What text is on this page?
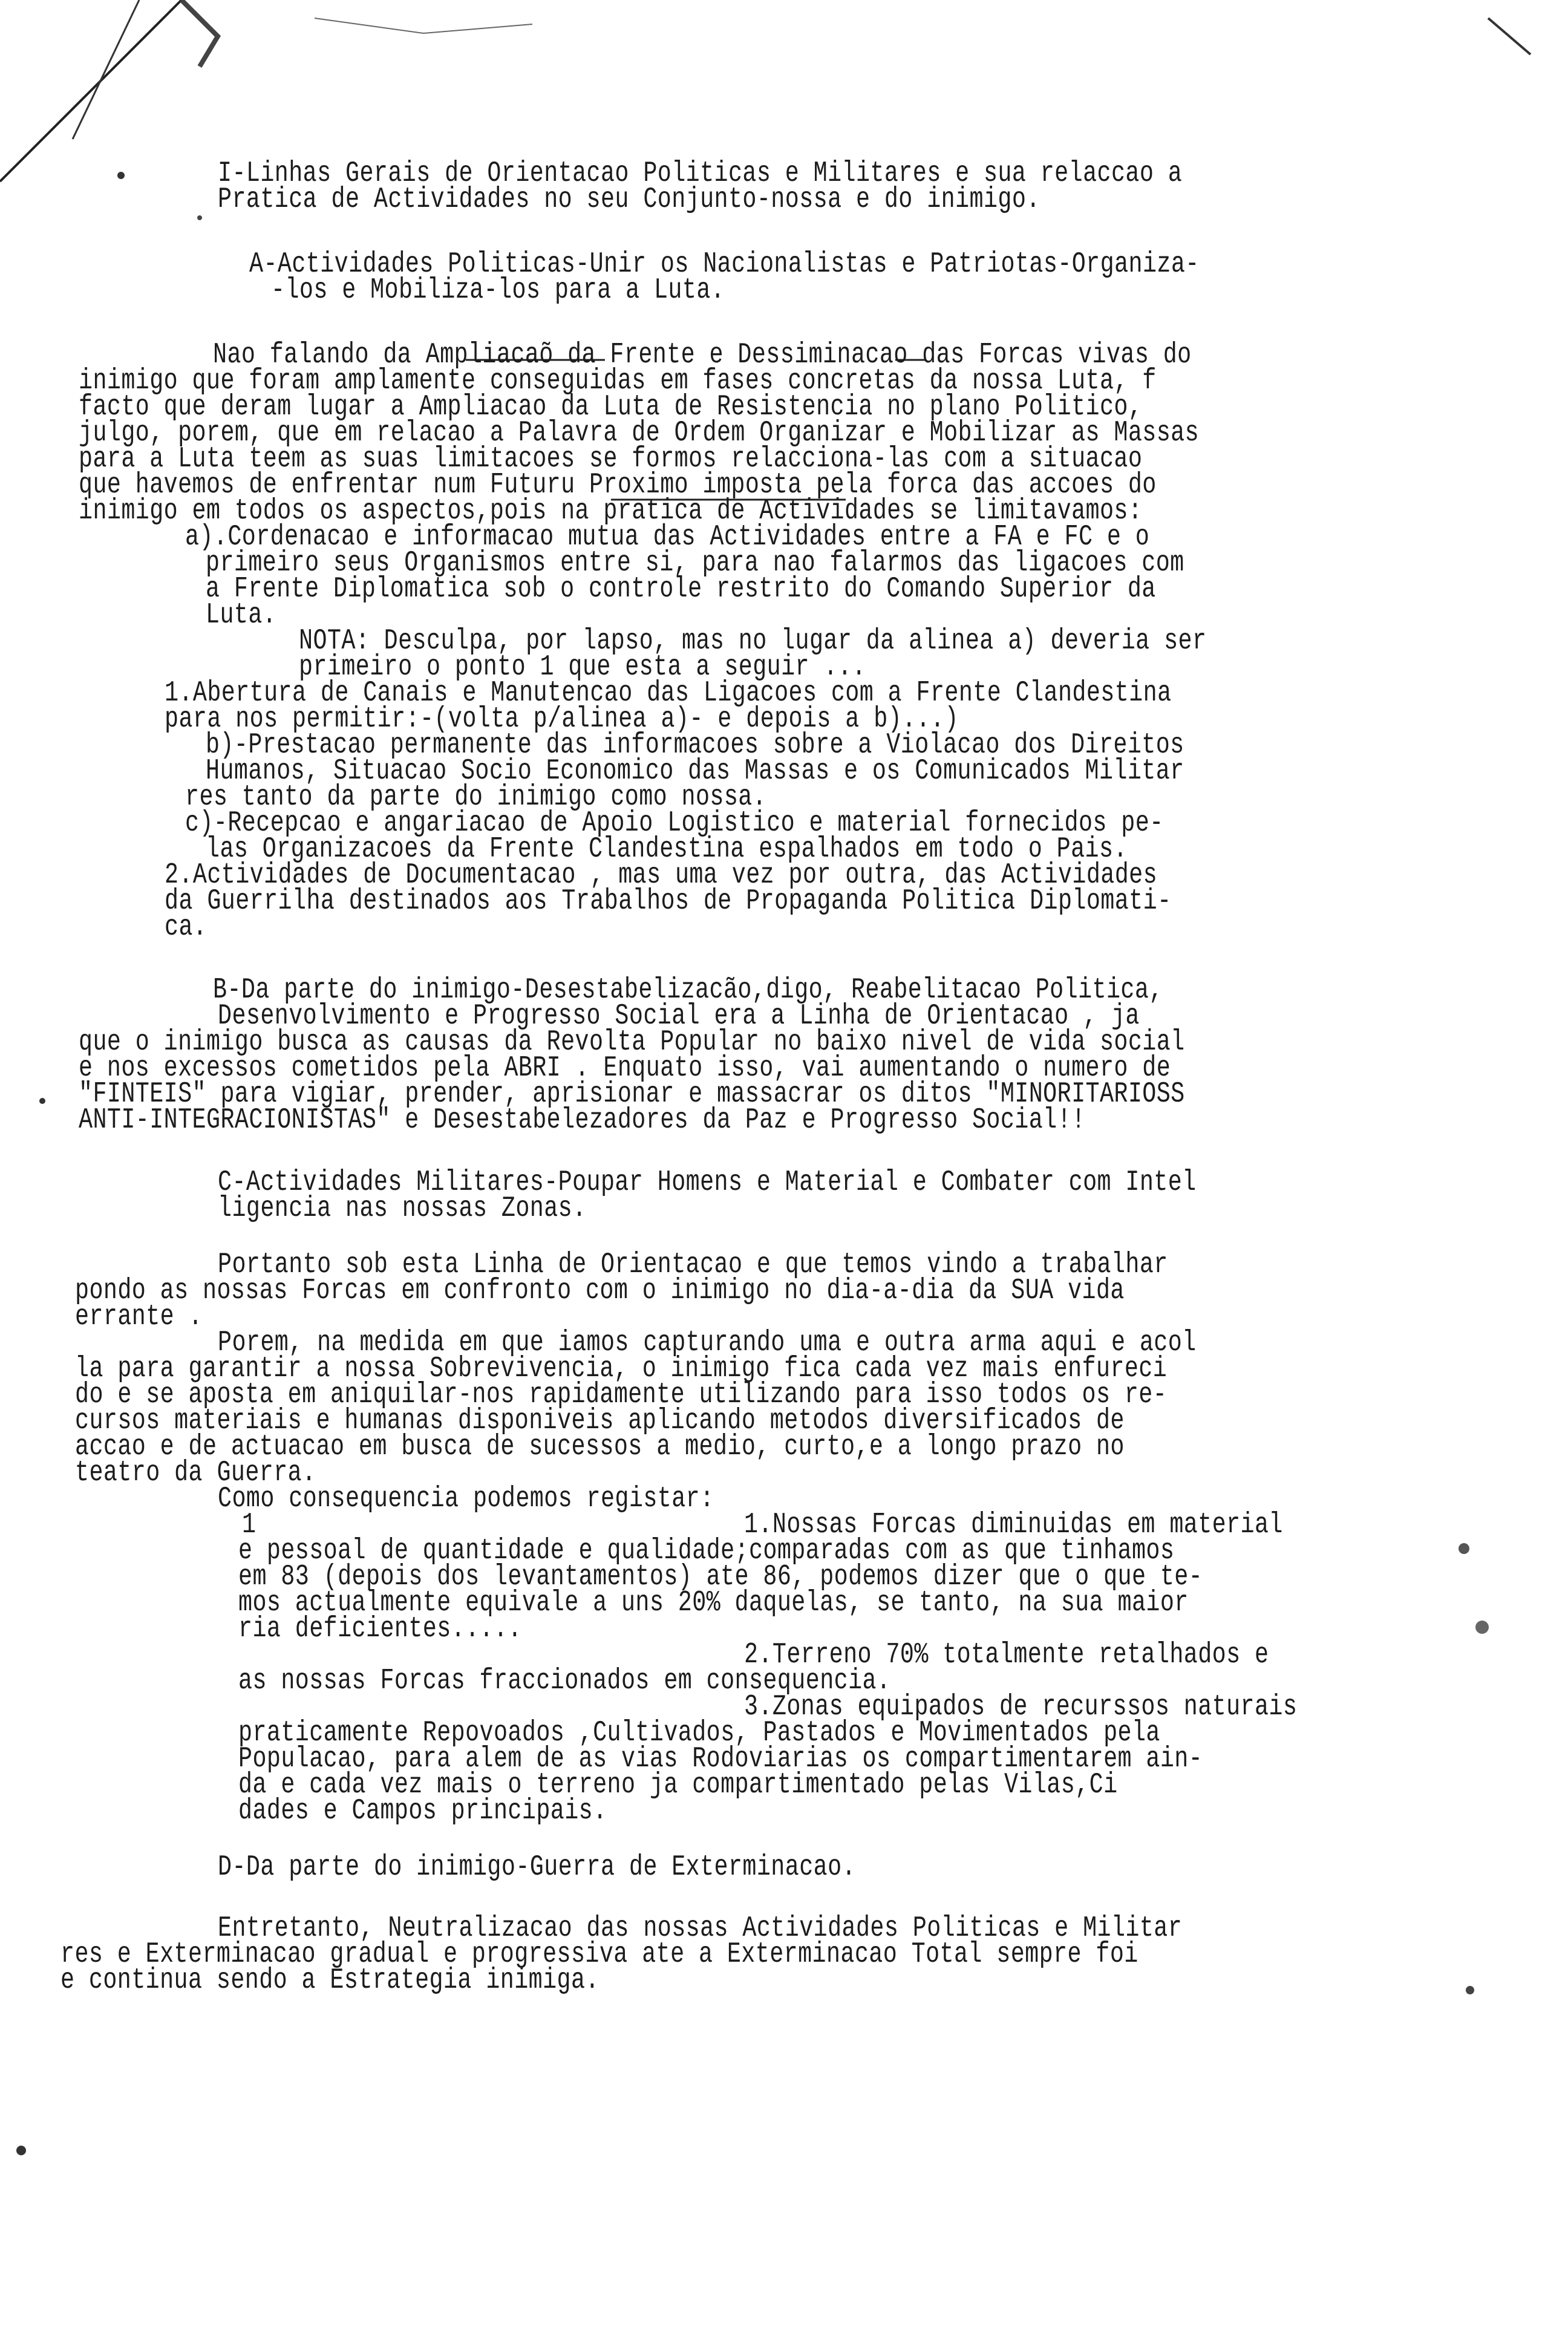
I-Linhas Gerais de Orientacao Politicas e Militares e sua relaccao a
Pratica de Actividades no seu Conjunto-nossa e do inimigo.
A-Actividades Politicas-Unir os Nacionalistas e Patriotas-Organiza-
-los e Mobiliza-los para a Luta.
Nao falando da Ampliacaõ da Frente e Dessiminacao das Forcas vivas do
inimigo que foram amplamente conseguidas em fases concretas da nossa Luta, f
facto que deram lugar a Ampliacao da Luta de Resistencia no plano Politico,
julgo, porem, que em relacao a Palavra de Ordem Organizar e Mobilizar as Massas
para a Luta teem as suas limitacoes se formos relacciona-las com a situacao
que havemos de enfrentar num Futuru Proximo imposta pela forca das accoes do
inimigo em todos os aspectos,pois na pratica de Actividades se limitavamos:
a).Cordenacao e informacao mutua das Actividades entre a FA e FC e o
primeiro seus Organismos entre si, para nao falarmos das ligacoes com
a Frente Diplomatica sob o controle restrito do Comando Superior da
Luta.
NOTA: Desculpa, por lapso, mas no lugar da alinea a) deveria ser
primeiro o ponto 1 que esta a seguir ...
1.Abertura de Canais e Manutencao das Ligacoes com a Frente Clandestina
para nos permitir:-(volta p/alinea a)- e depois a b)...)
b)-Prestacao permanente das informacoes sobre a Violacao dos Direitos
Humanos, Situacao Socio Economico das Massas e os Comunicados Militar
res tanto da parte do inimigo como nossa.
c)-Recepcao e angariacao de Apoio Logistico e material fornecidos pe-
las Organizacoes da Frente Clandestina espalhados em todo o Pais.
2.Actividades de Documentacao , mas uma vez por outra, das Actividades
da Guerrilha destinados aos Trabalhos de Propaganda Politica Diplomati-
ca.
B-Da parte do inimigo-Desestabelizacão,digo, Reabelitacao Politica,
Desenvolvimento e Progresso Social era a Linha de Orientacao , ja
que o inimigo busca as causas da Revolta Popular no baixo nivel de vida social
e nos excessos cometidos pela ABRI . Enquato isso, vai aumentando o numero de
"FINTEIS" para vigiar, prender, aprisionar e massacrar os ditos "MINORITARIOSS
ANTI-INTEGRACIONISTAS" e Desestabelezadores da Paz e Progresso Social!!
C-Actividades Militares-Poupar Homens e Material e Combater com Intel
ligencia nas nossas Zonas.
Portanto sob esta Linha de Orientacao e que temos vindo a trabalhar
pondo as nossas Forcas em confronto com o inimigo no dia-a-dia da SUA vida
errante .
Porem, na medida em que iamos capturando uma e outra arma aqui e acol
la para garantir a nossa Sobrevivencia, o inimigo fica cada vez mais enfureci
do e se aposta em aniquilar-nos rapidamente utilizando para isso todos os re-
cursos materiais e humanas disponiveis aplicando metodos diversificados de
accao e de actuacao em busca de sucessos a medio, curto,e a longo prazo no
teatro da Guerra.
Como consequencia podemos registar:
1	1.Nossas Forcas diminuidas em material
e pessoal de quantidade e qualidade;comparadas com as que tinhamos
em 83 (depois dos levantamentos) ate 86, podemos dizer que o que te-
mos actualmente equivale a uns 20% daquelas, se tanto, na sua maior
ria deficientes.....
2.Terreno 70% totalmente retalhados e
as nossas Forcas fraccionados em consequencia.
3.Zonas equipados de recurssos naturais
praticamente Repovoados ,Cultivados, Pastados e Movimentados pela
Populacao, para alem de as vias Rodoviarias os compartimentarem ain-
da e cada vez mais o terreno ja compartimentado pelas Vilas,Ci
dades e Campos principais.
D-Da parte do inimigo-Guerra de Exterminacao.
Entretanto, Neutralizacao das nossas Actividades Politicas e Militar
res e Exterminacao gradual e progressiva ate a Exterminacao Total sempre foi
e continua sendo a Estrategia inimiga.
